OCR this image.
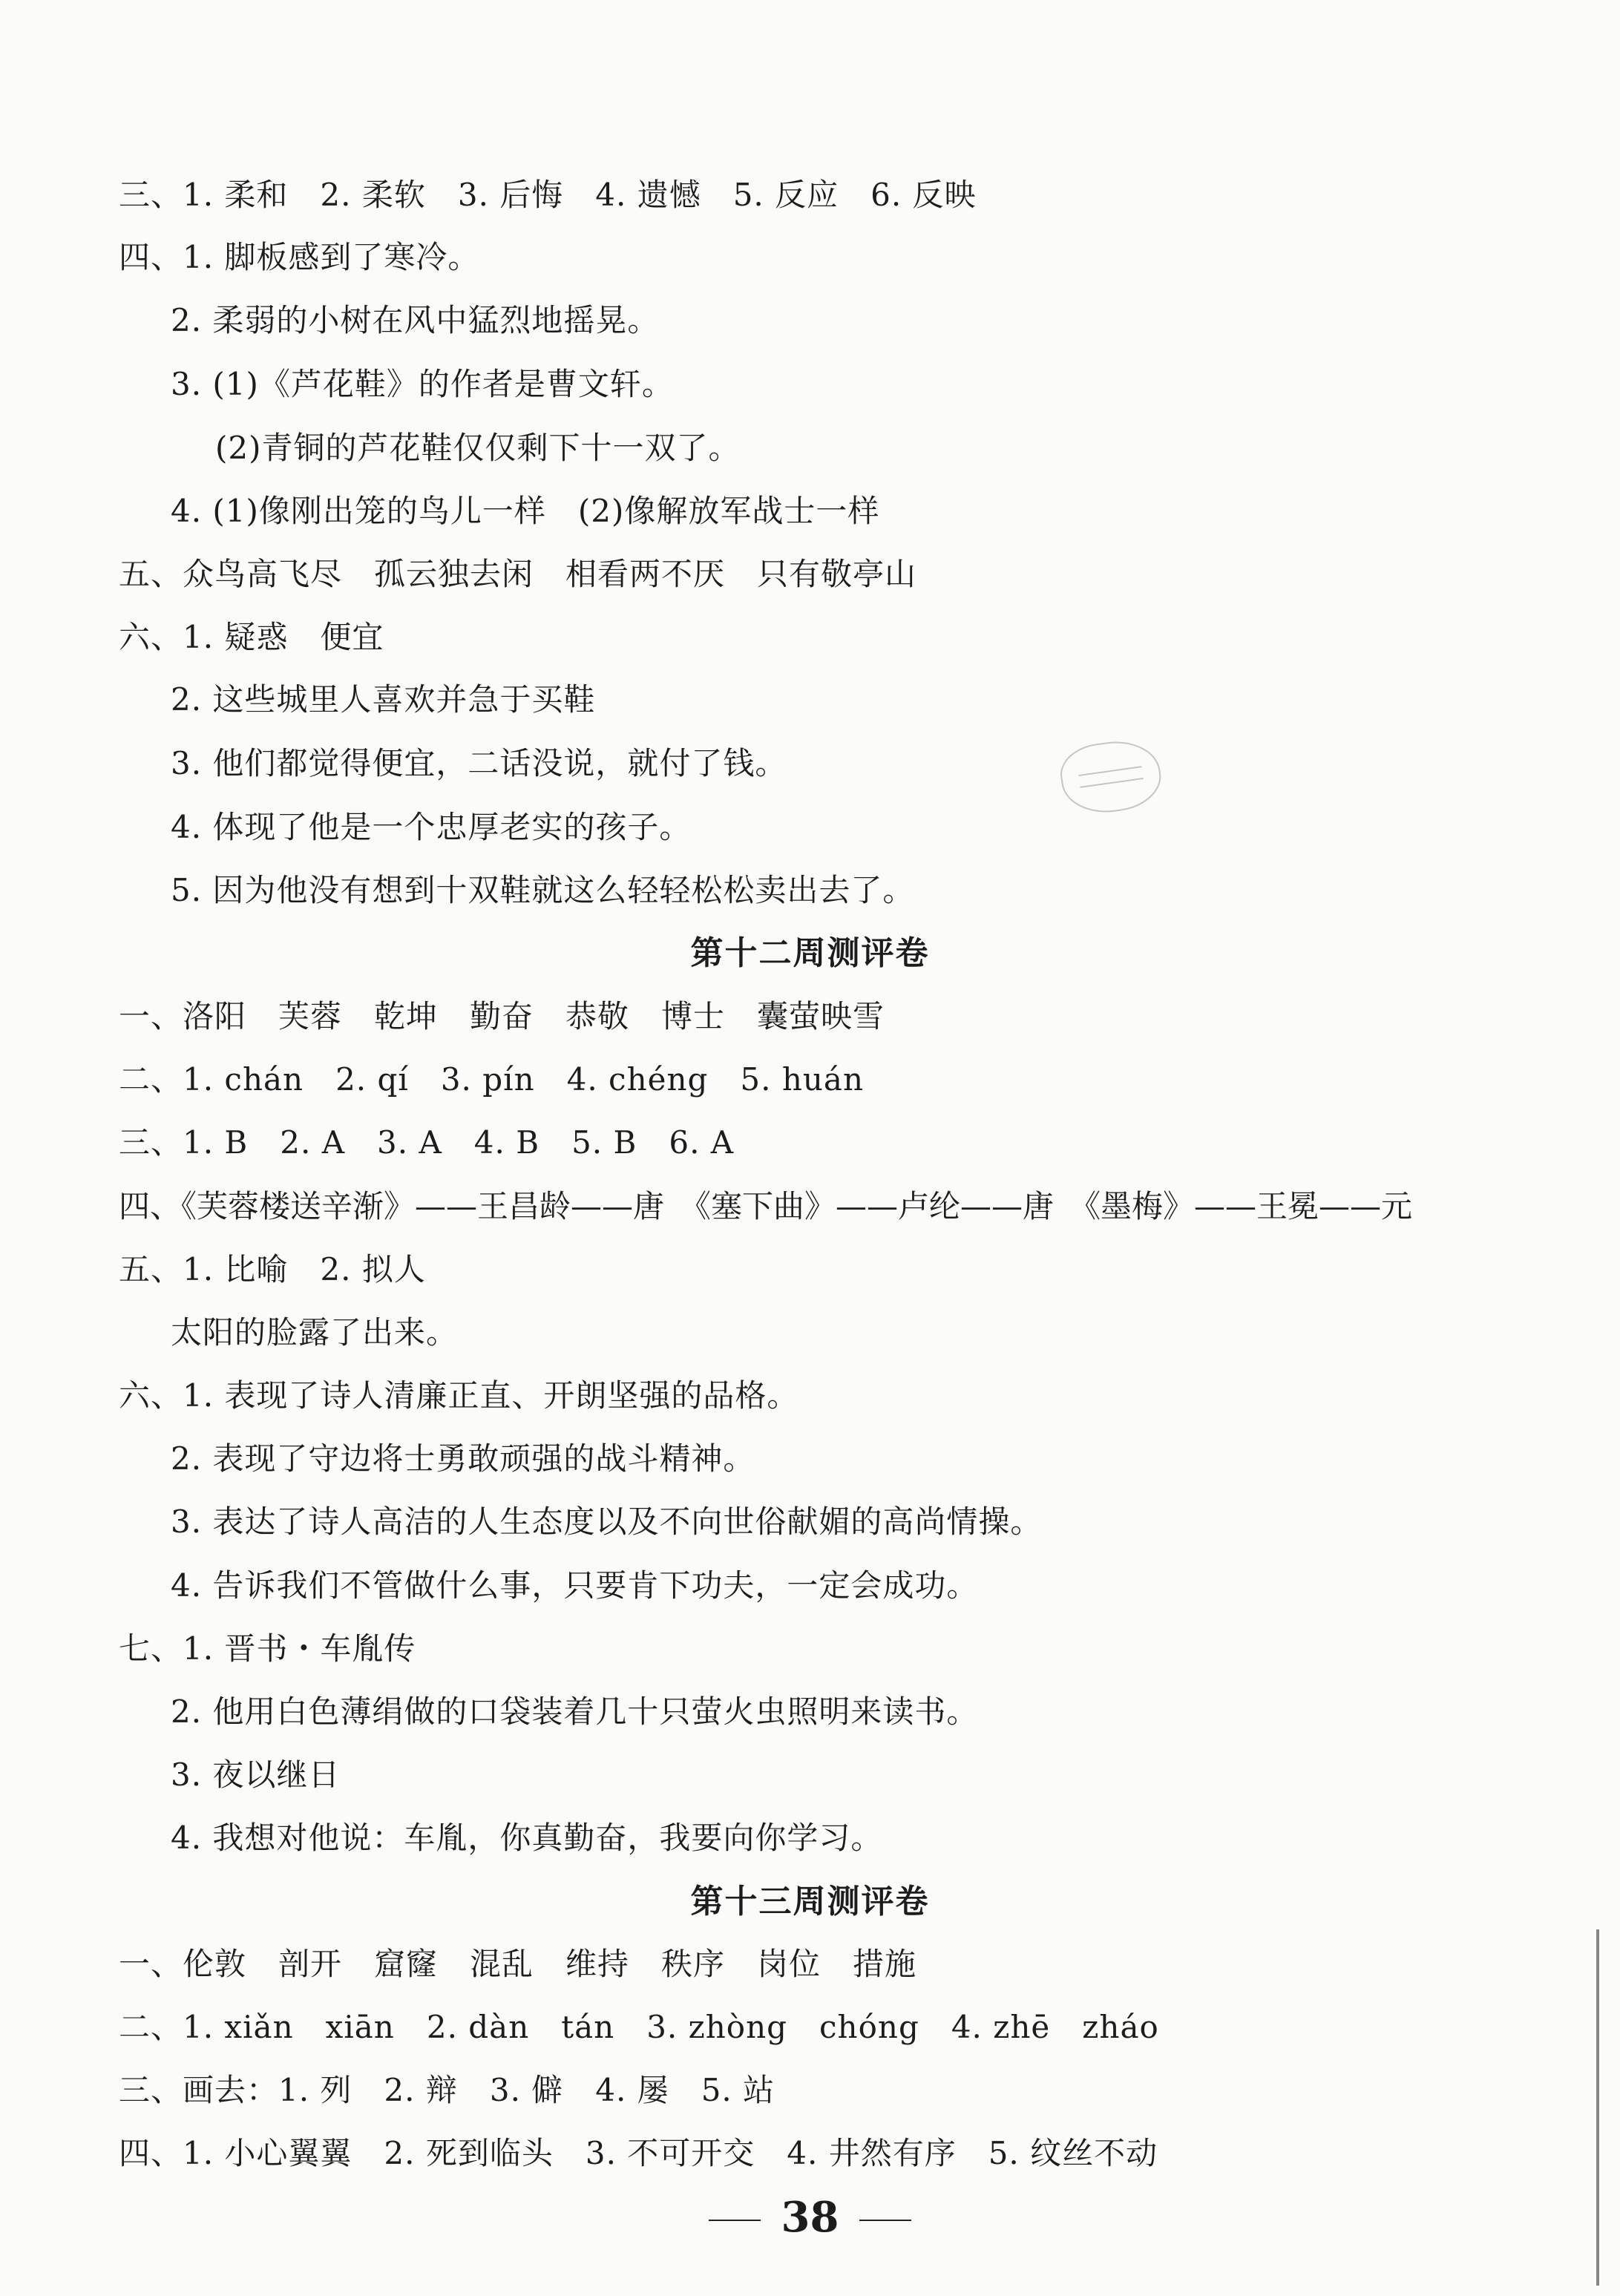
三、1. 柔和　2. 柔软　3. 后悔　4. 遗憾　5. 反应　6. 反映
四、1. 脚板感到了寒冷。
2. 柔弱的小树在风中猛烈地摇晃。
3. (1)《芦花鞋》的作者是曹文轩。
(2)青铜的芦花鞋仅仅剩下十一双了。
4. (1)像刚出笼的鸟儿一样　(2)像解放军战士一样
五、众鸟高飞尽　孤云独去闲　相看两不厌　只有敬亭山
六、1. 疑惑　便宜
2. 这些城里人喜欢并急于买鞋
3. 他们都觉得便宜，二话没说，就付了钱。
4. 体现了他是一个忠厚老实的孩子。
5. 因为他没有想到十双鞋就这么轻轻松松卖出去了。
第十二周测评卷
一、洛阳　芙蓉　乾坤　勤奋　恭敬　博士　囊萤映雪
二、1. chán　2. qí　3. pín　4. chéng　5. huán
三、1. B　2. A　3. A　4. B　5. B　6. A
四、《芙蓉楼送辛渐》——王昌龄——唐　《塞下曲》——卢纶——唐　《墨梅》——王冕——元
五、1. 比喻　2. 拟人
太阳的脸露了出来。
六、1. 表现了诗人清廉正直、开朗坚强的品格。
2. 表现了守边将士勇敢顽强的战斗精神。
3. 表达了诗人高洁的人生态度以及不向世俗献媚的高尚情操。
4. 告诉我们不管做什么事，只要肯下功夫，一定会成功。
七、1. 晋书・车胤传
2. 他用白色薄绢做的口袋装着几十只萤火虫照明来读书。
3. 夜以继日
4. 我想对他说：车胤，你真勤奋，我要向你学习。
第十三周测评卷
一、伦敦　剖开　窟窿　混乱　维持　秩序　岗位　措施
二、1. xiǎn　xiān　2. dàn　tán　3. zhòng　chóng　4. zhē　zháo
三、画去：1. 列　2. 辩　3. 僻　4. 屡　5. 站
四、1. 小心翼翼　2. 死到临头　3. 不可开交　4. 井然有序　5. 纹丝不动
38
